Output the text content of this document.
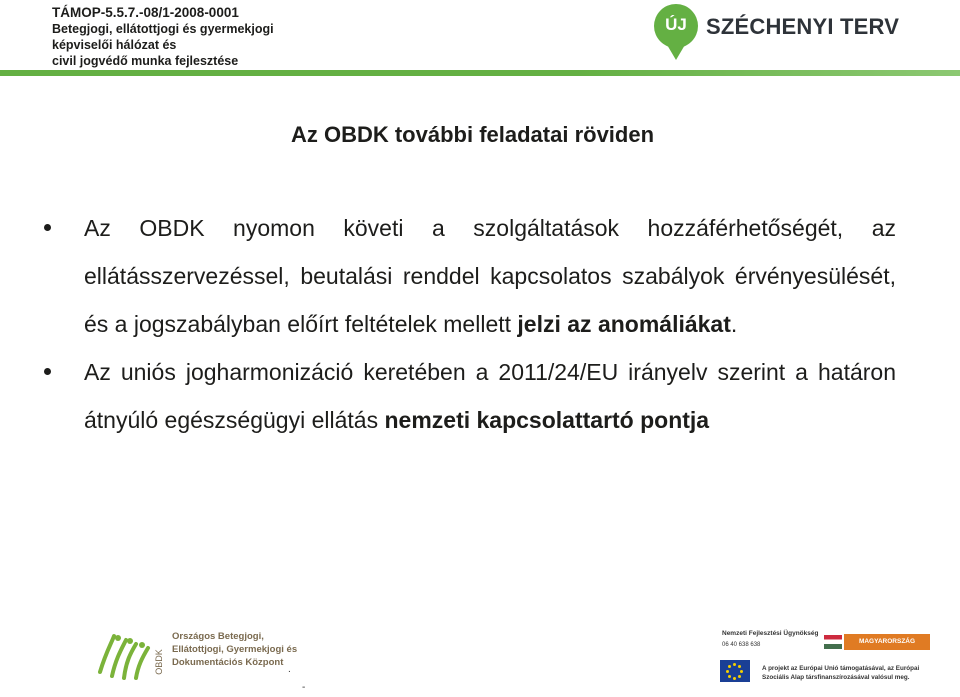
TÁMOP-5.5.7.-08/1-2008-0001
Betegjogi, ellátottjogi és gyermekjogi
képviselői hálózat és
civil jogvédő munka fejlesztése
ÚJ SZÉCHENYI TERV
Az OBDK további feladatai röviden
Az OBDK nyomon követi a szolgáltatások hozzáférhetőségét, az ellátásszervezéssel, beutalási renddel kapcsolatos szabályok érvényesülését, és a jogszabályban előírt feltételek mellett jelzi az anomáliákat.
Az uniós jogharmonizáció keretében a 2011/24/EU irányelv szerint a határon átnyúló egészségügyi ellátás nemzeti kapcsolattartó pontja
OBDK
Országos Betegjogi,
Ellátottjogi, Gyermekjogi és
Dokumentációs Központ
.
-
Nemzeti Fejlesztési Ügynökség
06 40 638 638	MAGYARORSZÁG MEGÚJUL
A projekt az Európai Unió támogatásával, az Európai
Szociális Alap társfinanszírozásával valósul meg.
